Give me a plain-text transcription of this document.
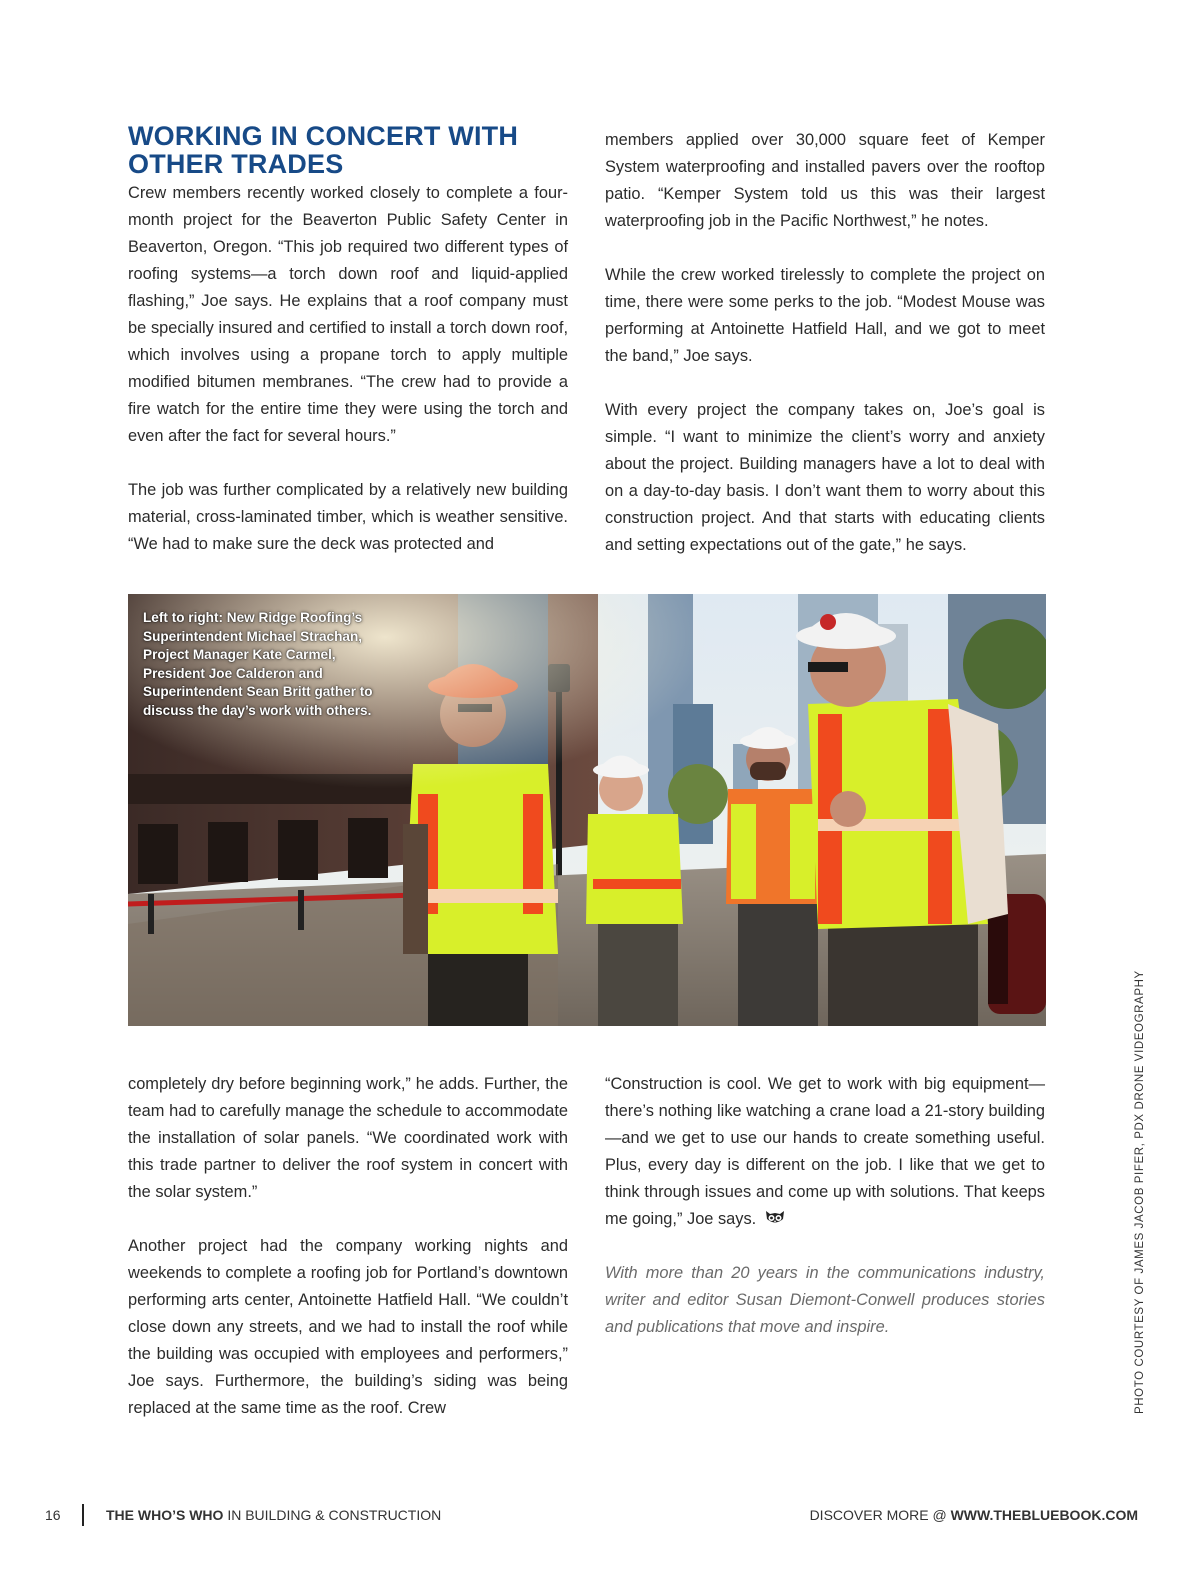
WORKING IN CONCERT WITH
OTHER TRADES

Crew members recently worked closely to complete a four-month project for the Beaverton Public Safety Center in Beaverton, Oregon. “This job required two different types of roofing systems—a torch down roof and liquid-applied flashing,” Joe says. He explains that a roof company must be specially insured and certified to install a torch down roof, which involves using a propane torch to apply multiple modified bitumen membranes. “The crew had to provide a fire watch for the entire time they were using the torch and even after the fact for several hours.”

The job was further complicated by a relatively new building material, cross-laminated timber, which is weather sensitive. “We had to make sure the deck was protected and

members applied over 30,000 square feet of Kemper System waterproofing and installed pavers over the rooftop patio. “Kemper System told us this was their largest waterproofing job in the Pacific Northwest,” he notes.

While the crew worked tirelessly to complete the project on time, there were some perks to the job. “Modest Mouse was performing at Antoinette Hatfield Hall, and we got to meet the band,” Joe says.

With every project the company takes on, Joe’s goal is simple. “I want to minimize the client’s worry and anxiety about the project. Building managers have a lot to deal with on a day-to-day basis. I don’t want them to worry about this construction project. And that starts with educating clients and setting expectations out of the gate,” he says.

Left to right: New Ridge Roofing’s Superintendent Michael Strachan, Project Manager Kate Carmel, President Joe Calderon and Superintendent Sean Britt gather to discuss the day’s work with others.

completely dry before beginning work,” he adds. Further, the team had to carefully manage the schedule to accommodate the installation of solar panels. “We coordinated work with this trade partner to deliver the roof system in concert with the solar system.”

Another project had the company working nights and weekends to complete a roofing job for Portland’s downtown performing arts center, Antoinette Hatfield Hall. “We couldn’t close down any streets, and we had to install the roof while the building was occupied with employees and performers,” Joe says. Furthermore, the building’s siding was being replaced at the same time as the roof. Crew

“Construction is cool. We get to work with big equipment—there’s nothing like watching a crane load a 21-story building—and we get to use our hands to create something useful. Plus, every day is different on the job. I like that we get to think through issues and come up with solutions. That keeps me going,” Joe says.

With more than 20 years in the communications industry, writer and editor Susan Diemont-Conwell produces stories and publications that move and inspire.	PHOTO COURTESY OF JAMES JACOB PIFER, PDX DRONE VIDEOGRAPHY
16	THE WHO’S WHO IN BUILDING & CONSTRUCTION	DISCOVER MORE @ WWW.THEBLUEBOOK.COM
